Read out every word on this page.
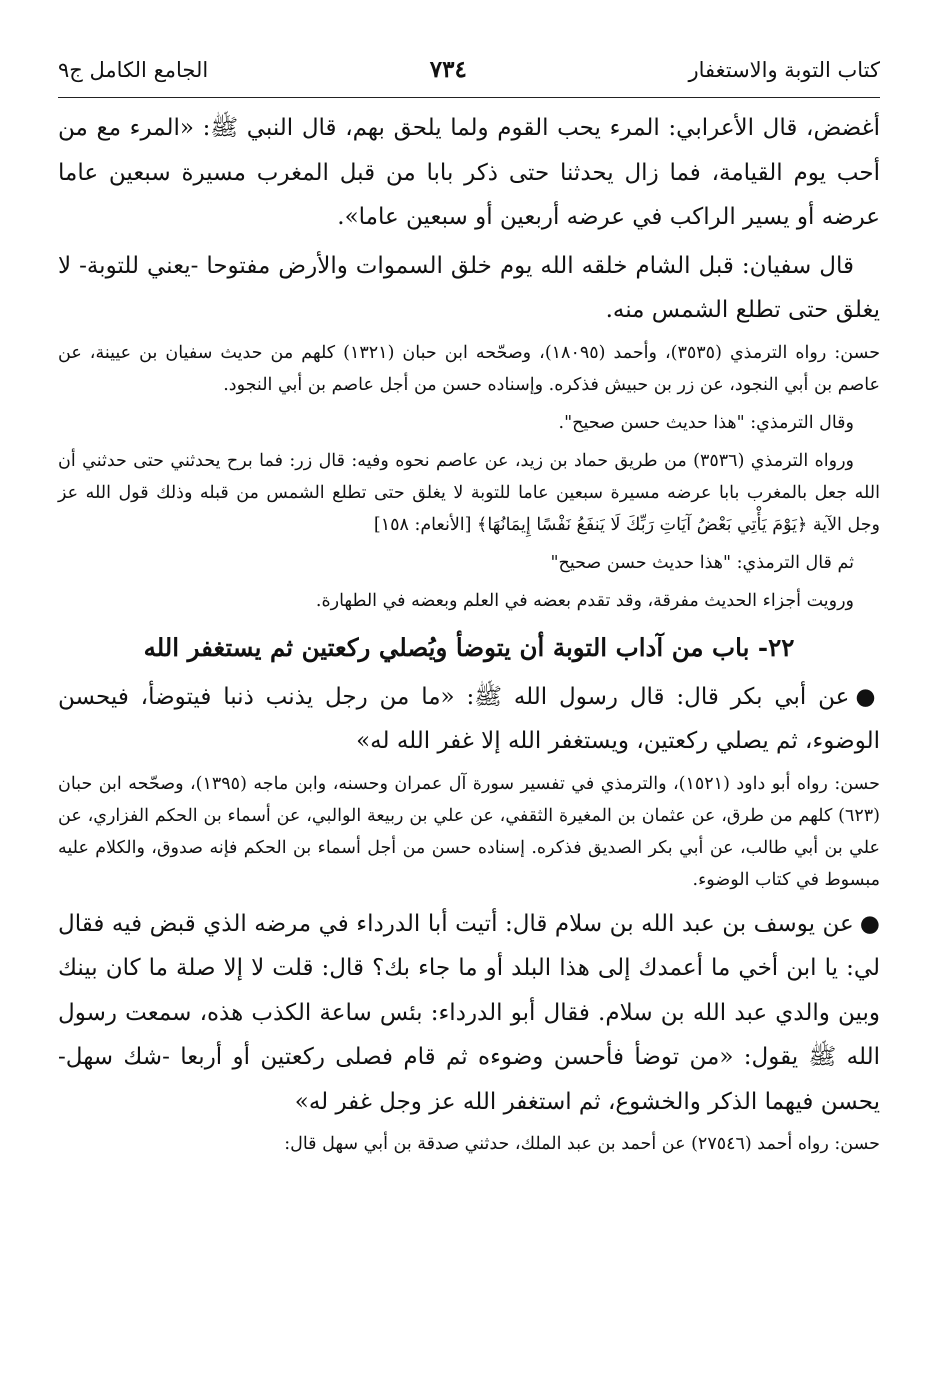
كتاب التوبة والاستغفار
٧٣٤
الجامع الكامل ج٩

أغضض، قال الأعرابي: المرء يحب القوم ولما يلحق بهم، قال النبي ﷺ: «المرء مع من أحب يوم القيامة، فما زال يحدثنا حتى ذكر بابا من قبل المغرب مسيرة سبعين عاما عرضه أو يسير الراكب في عرضه أربعين أو سبعين عاما».

قال سفيان: قبل الشام خلقه الله يوم خلق السموات والأرض مفتوحا -يعني للتوبة- لا يغلق حتى تطلع الشمس منه.

حسن: رواه الترمذي (٣٥٣٥)، وأحمد (١٨٠٩٥)، وصحّحه ابن حبان (١٣٢١) كلهم من حديث سفيان بن عيينة، عن عاصم بن أبي النجود، عن زر بن حبيش فذكره. وإسناده حسن من أجل عاصم بن أبي النجود.

وقال الترمذي: "هذا حديث حسن صحيح".

ورواه الترمذي (٣٥٣٦) من طريق حماد بن زيد، عن عاصم نحوه وفيه: قال زر: فما برح يحدثني حتى حدثني أن الله جعل بالمغرب بابا عرضه مسيرة سبعين عاما للتوبة لا يغلق حتى تطلع الشمس من قبله وذلك قول الله عز وجل الآية ﴿يَوْمَ يَأْتِي بَعْضُ آيَاتِ رَبِّكَ لَا يَنفَعُ نَفْسًا إِيمَانُهَا﴾ [الأنعام: ١٥٨]

ثم قال الترمذي: "هذا حديث حسن صحيح"

ورويت أجزاء الحديث مفرقة، وقد تقدم بعضه في العلم وبعضه في الطهارة.

٢٢- باب من آداب التوبة أن يتوضأ ويُصلي ركعتين ثم يستغفر الله

●عن أبي بكر قال: قال رسول الله ﷺ: «ما من رجل يذنب ذنبا فيتوضأ، فيحسن الوضوء، ثم يصلي ركعتين، ويستغفر الله إلا غفر الله له»

حسن: رواه أبو داود (١٥٢١)، والترمذي في تفسير سورة آل عمران وحسنه، وابن ماجه (١٣٩٥)، وصحّحه ابن حبان (٦٢٣) كلهم من طرق، عن عثمان بن المغيرة الثقفي، عن علي بن ربيعة الوالبي، عن أسماء بن الحكم الفزاري، عن علي بن أبي طالب، عن أبي بكر الصديق فذكره. إسناده حسن من أجل أسماء بن الحكم فإنه صدوق، والكلام عليه مبسوط في كتاب الوضوء.

●عن يوسف بن عبد الله بن سلام قال: أتيت أبا الدرداء في مرضه الذي قبض فيه فقال لي: يا ابن أخي ما أعمدك إلى هذا البلد أو ما جاء بك؟ قال: قلت لا إلا صلة ما كان بينك وبين والدي عبد الله بن سلام. فقال أبو الدرداء: بئس ساعة الكذب هذه، سمعت رسول الله ﷺ يقول: «من توضأ فأحسن وضوءه ثم قام فصلى ركعتين أو أربعا -شك سهل- يحسن فيهما الذكر والخشوع، ثم استغفر الله عز وجل غفر له»

حسن: رواه أحمد (٢٧٥٤٦) عن أحمد بن عبد الملك، حدثني صدقة بن أبي سهل قال:
